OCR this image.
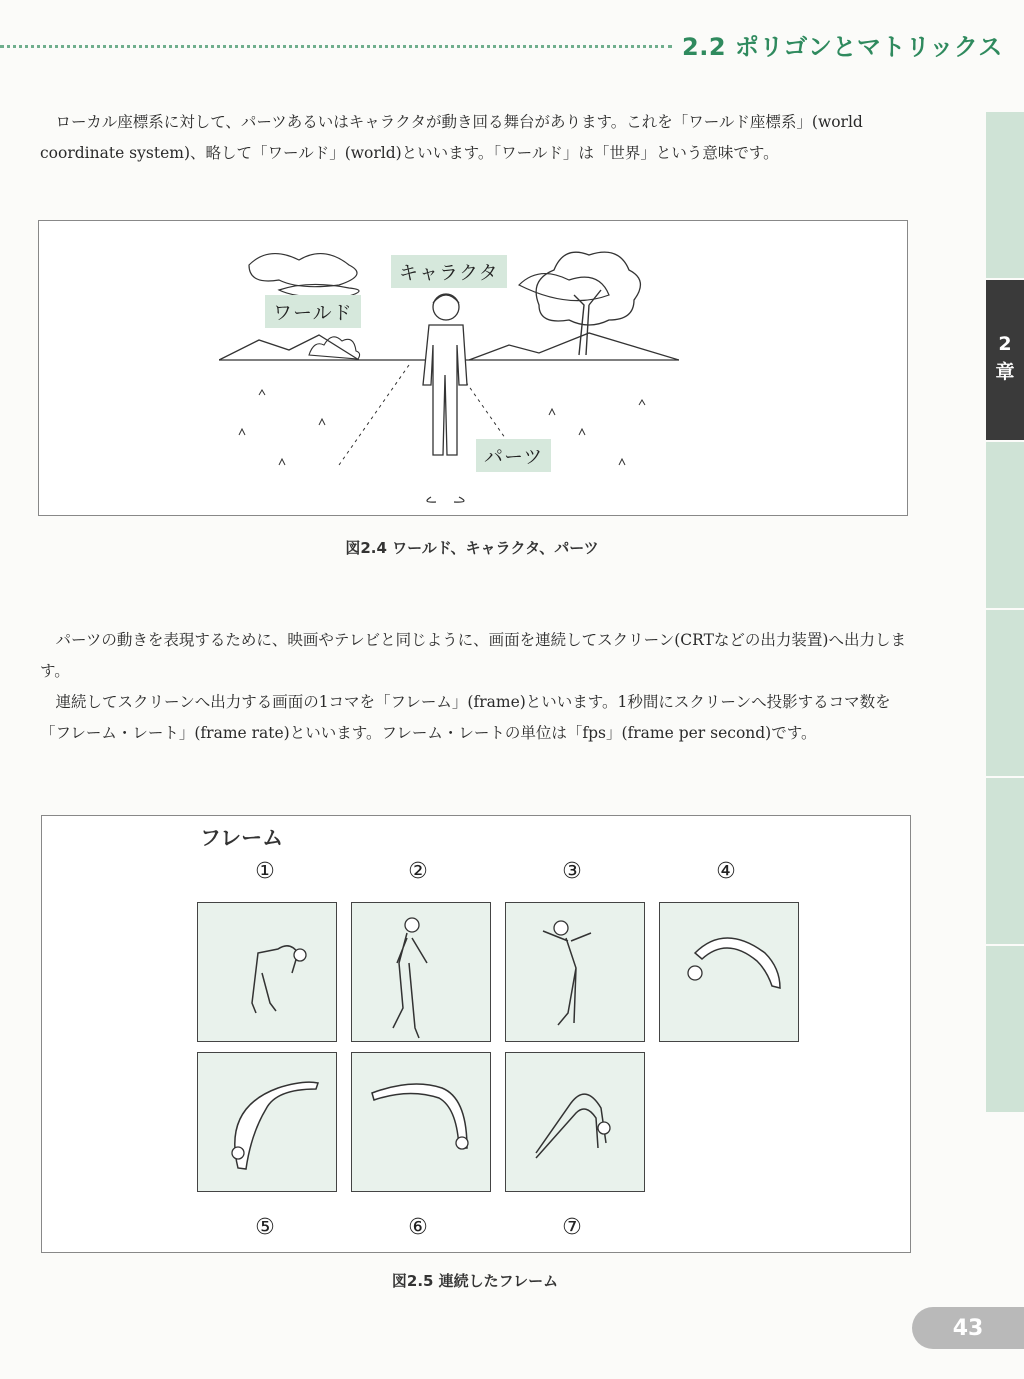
2.2 ポリゴンとマトリックス
2
章

ローカル座標系に対して、パーツあるいはキャラクタが動き回る舞台があります。これを「ワールド座標系」(world coordinate system)、略して「ワールド」(world)といいます。「ワールド」は「世界」という意味です。

キャラクタ
ワールド
パーツ
図2.4 ワールド、キャラクタ、パーツ

パーツの動きを表現するために、映画やテレビと同じように、画面を連続してスクリーン(CRTなどの出力装置)へ出力します。

連続してスクリーンへ出力する画面の1コマを「フレーム」(frame)といいます。1秒間にスクリーンへ投影するコマ数を「フレーム・レート」(frame rate)といいます。フレーム・レートの単位は「fps」(frame per second)です。

フレーム
①	②	③	④
⑤	⑥	⑦
図2.5 連続したフレーム
43
